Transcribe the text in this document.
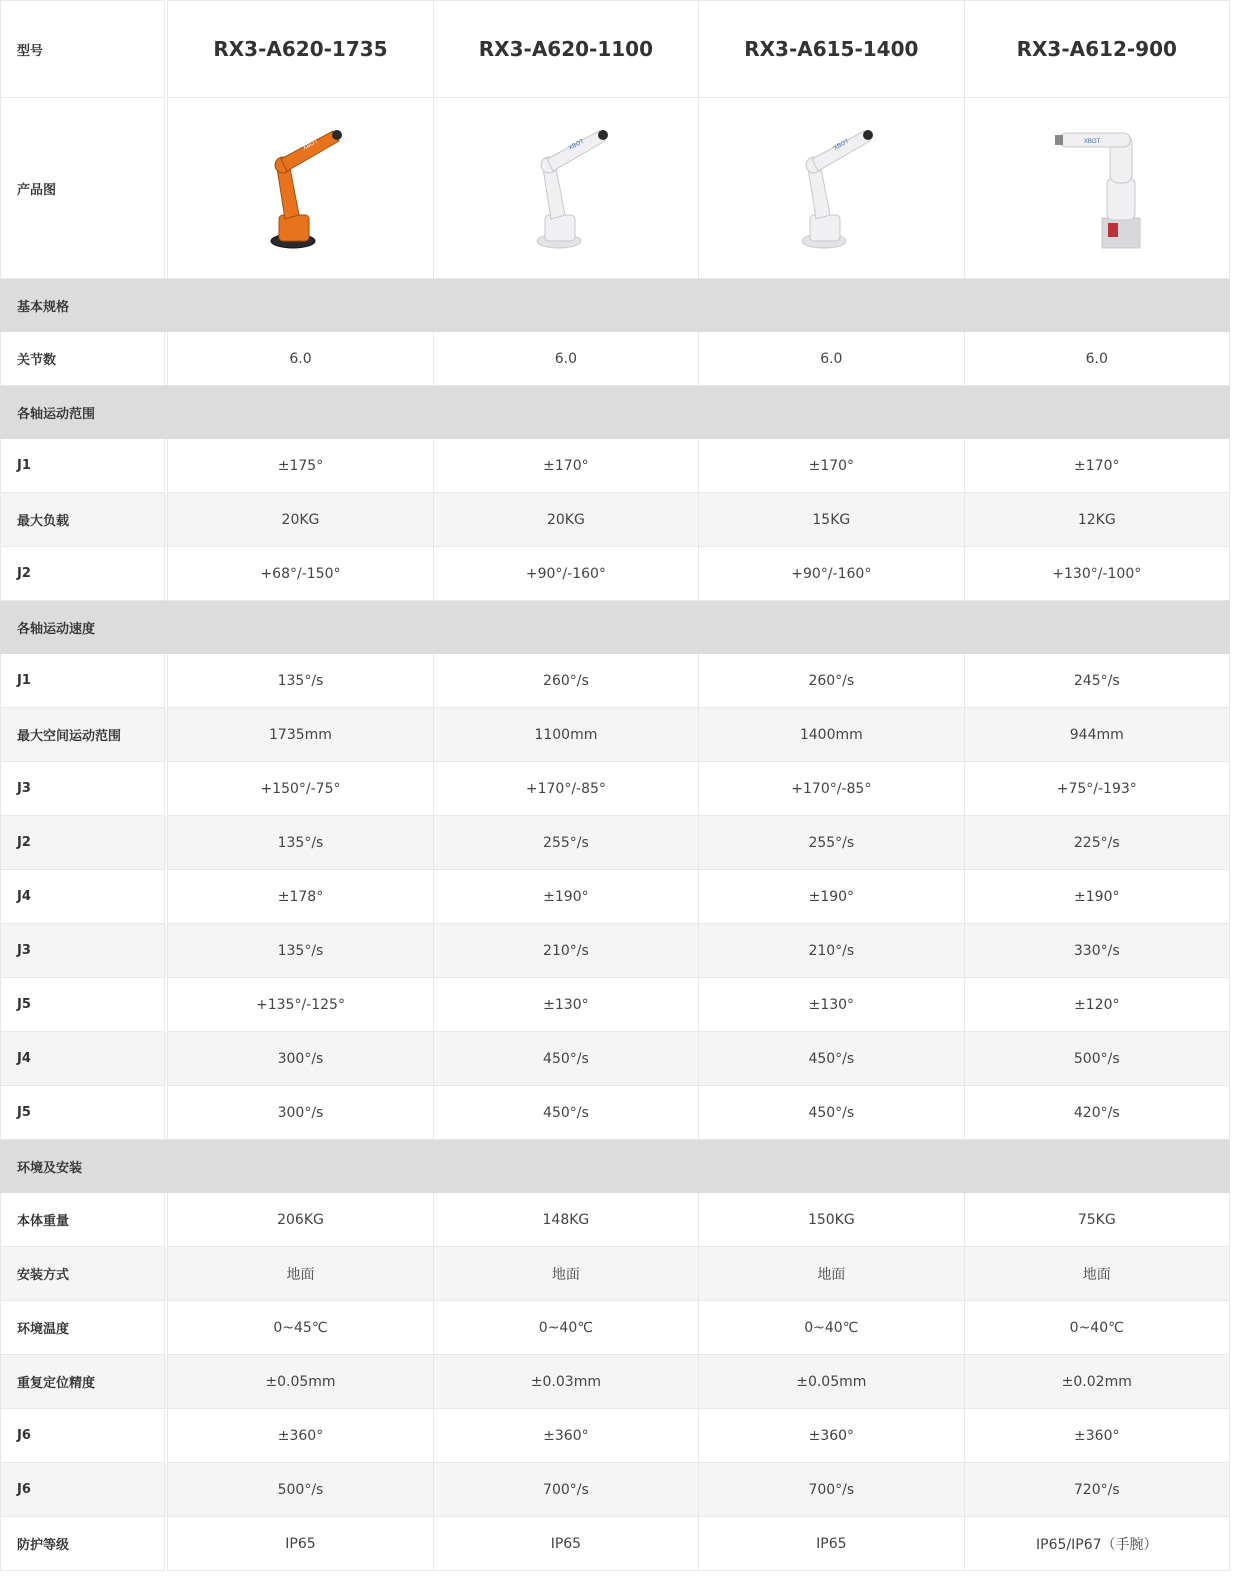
型号		RX3-A620-1735	RX3-A620-1100	RX3-A615-1400	RX3-A612-900
产品图		XBOT	XBOT	XBOT	XBOT

基本规格					
关节数		6.0	6.0	6.0	6.0
各轴运动范围					
J1		±175°	±170°	±170°	±170°
最大负载		20KG	20KG	15KG	12KG
J2		+68°/-150°	+90°/-160°	+90°/-160°	+130°/-100°
各轴运动速度					
J1		135°/s	260°/s	260°/s	245°/s
最大空间运动范围		1735mm	1100mm	1400mm	944mm
J3		+150°/-75°	+170°/-85°	+170°/-85°	+75°/-193°
J2		135°/s	255°/s	255°/s	225°/s
J4		±178°	±190°	±190°	±190°
J3		135°/s	210°/s	210°/s	330°/s
J5		+135°/-125°	±130°	±130°	±120°
J4		300°/s	450°/s	450°/s	500°/s
J5		300°/s	450°/s	450°/s	420°/s
环境及安装					
本体重量		206KG	148KG	150KG	75KG
安装方式		地面	地面	地面	地面
环境温度		0~45℃	0~40℃	0~40℃	0~40℃
重复定位精度		±0.05mm	±0.03mm	±0.05mm	±0.02mm
J6		±360°	±360°	±360°	±360°
J6		500°/s	700°/s	700°/s	720°/s
防护等级		IP65	IP65	IP65	IP65/IP67（手腕）
